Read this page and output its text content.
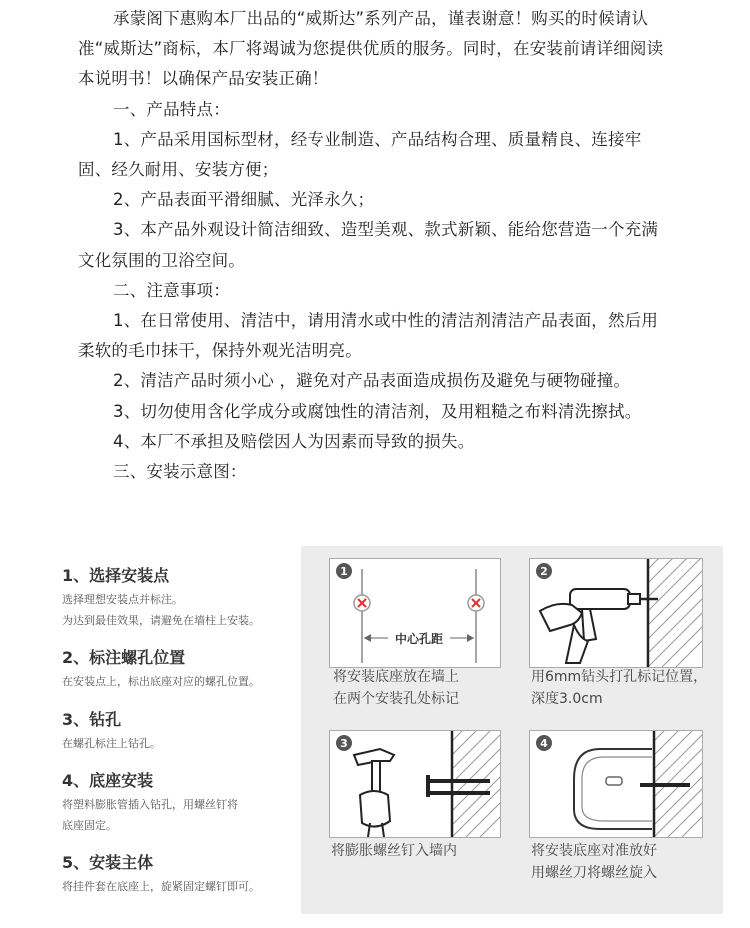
承蒙阁下惠购本厂出品的“威斯达”系列产品，谨表谢意！购买的时候请认准“威斯达”商标，本厂将竭诚为您提供优质的服务。同时，在安装前请详细阅读本说明书！以确保产品安装正确！

一、产品特点：

1、产品采用国标型材，经专业制造、产品结构合理、质量精良、连接牢固、经久耐用、安装方便；

2、产品表面平滑细腻、光泽永久；

3、本产品外观设计简洁细致、造型美观、款式新颖、能给您营造一个充满文化氛围的卫浴空间。

二、注意事项：

1、在日常使用、清洁中，请用清水或中性的清洁剂清洁产品表面，然后用柔软的毛巾抹干，保持外观光洁明亮。

2、清洁产品时须小心 ，避免对产品表面造成损伤及避免与硬物碰撞。

3、切勿使用含化学成分或腐蚀性的清洁剂，及用粗糙之布料清洗擦拭。

4、本厂不承担及赔偿因人为因素而导致的损失。

三、安装示意图：

1、选择安装点
选择理想安装点并标注。
为达到最佳效果，请避免在墙柱上安装。
2、标注螺孔位置
在安装点上，标出底座对应的螺孔位置。
3、钻孔
在螺孔标注上钻孔。
4、底座安装
将塑料膨胀管插入钻孔，用螺丝钉将
底座固定。
5、安装主体
将挂件套在底座上，旋紧固定螺钉即可。
1
中心孔距
将安装底座放在墙上
在两个安装孔处标记
2
用6mm钻头打孔标记位置，
深度3.0cm
3
将膨胀螺丝钉入墙内
4
将安装底座对准放好
用螺丝刀将螺丝旋入
